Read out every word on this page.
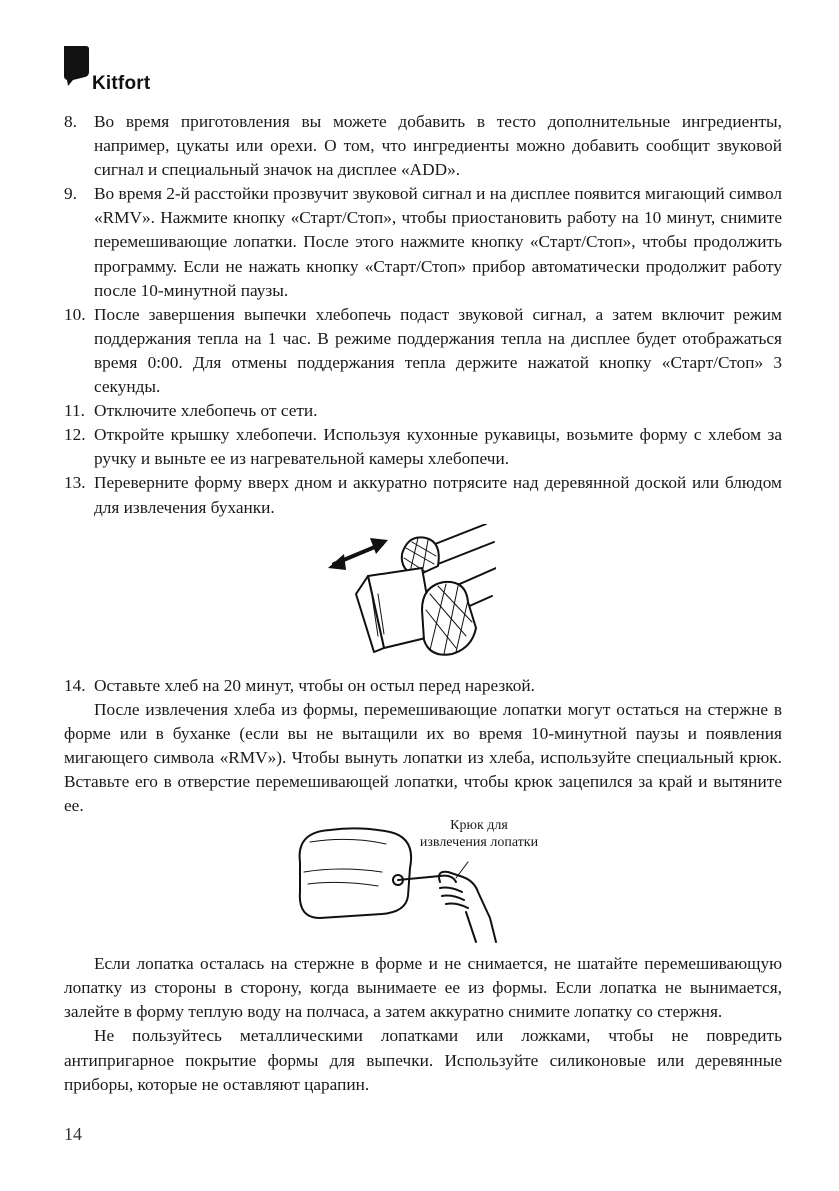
Kitfort
8. Во время приготовления вы можете добавить в тесто дополнительные ингредиенты, например, цукаты или орехи. О том, что ингредиенты можно добавить сообщит звуковой сигнал и специальный значок на дисплее «ADD».
9. Во время 2-й расстойки прозвучит звуковой сигнал и на дисплее появится мигающий символ «RMV». Нажмите кнопку «Старт/Стоп», чтобы приостановить работу на 10 минут, снимите перемешивающие лопатки. После этого нажмите кнопку «Старт/Стоп», чтобы продолжить программу. Если не нажать кнопку «Старт/Стоп» прибор автоматически продолжит работу после 10-минутной паузы.
10. После завершения выпечки хлебопечь подаст звуковой сигнал, а затем включит режим поддержания тепла на 1 час. В режиме поддержания тепла на дисплее будет отображаться время 0:00. Для отмены поддержания тепла держите нажатой кнопку «Старт/Стоп» 3 секунды.
11. Отключите хлебопечь от сети.
12. Откройте крышку хлебопечи. Используя кухонные рукавицы, возьмите форму с хлебом за ручку и выньте ее из нагревательной камеры хлебопечи.
13. Переверните форму вверх дном и аккуратно потрясите над деревянной доской или блюдом для извлечения буханки.
14. Оставьте хлеб на 20 минут, чтобы он остыл перед нарезкой.

После извлечения хлеба из формы, перемешивающие лопатки могут остаться на стержне в форме или в буханке (если вы не вытащили их во время 10-минутной паузы и появления мигающего символа «RMV»). Чтобы вынуть лопатки из хлеба, используйте специальный крюк. Вставьте его в отверстие перемешивающей лопатки, чтобы крюк зацепился за край и вытяните ее.

Крюк для извлечения лопатки

Если лопатка осталась на стержне в форме и не снимается, не шатайте перемешивающую лопатку из стороны в сторону, когда вынимаете ее из формы. Если лопатка не вынимается, залейте в форму теплую воду на полчаса, а затем аккуратно снимите лопатку со стержня.

Не пользуйтесь металлическими лопатками или ложками, чтобы не повредить антипригарное покрытие формы для выпечки. Используйте силиконовые или деревянные приборы, которые не оставляют царапин.

14
